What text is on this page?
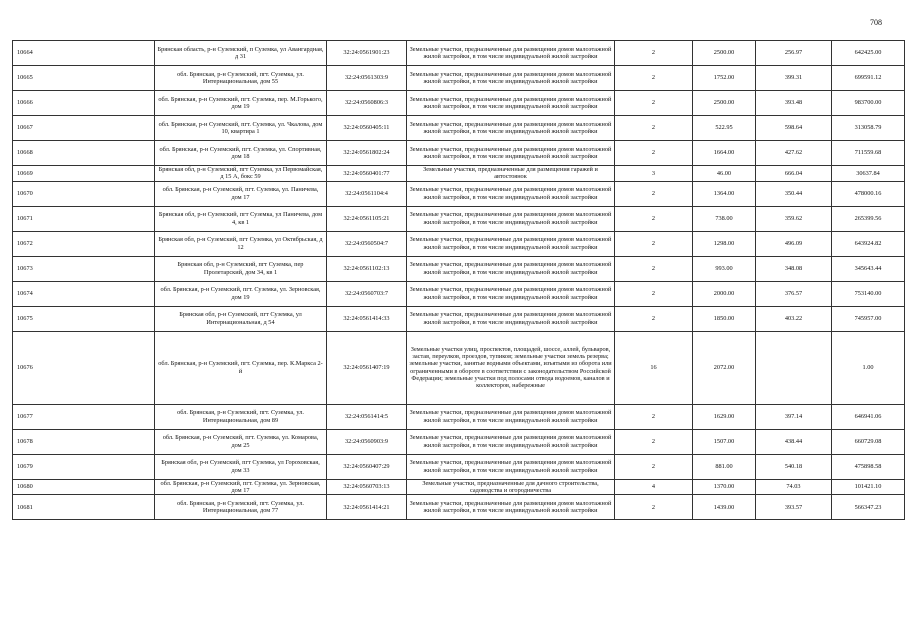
708
10664	Брянская область, р-н Суземский, п Суземка, ул Авангардная, д 31	32:24:0561901:23	Земельные участки, предназначенные для размещения домов малоэтажной жилой застройки, в том числе индивидуальной жилой застройки	2	2500.00	256.97	642425.00
10665	обл. Брянская, р-н Суземский, пгт. Суземка, ул. Интернациональная, дом 55	32:24:0561303:9	Земельные участки, предназначенные для размещения домов малоэтажной жилой застройки, в том числе индивидуальной жилой застройки	2	1752.00	399.31	699591.12
10666	обл. Брянская, р-н Суземский, пгт. Суземка, пер. М.Горького, дом 19	32:24:0560806:3	Земельные участки, предназначенные для размещения домов малоэтажной жилой застройки, в том числе индивидуальной жилой застройки	2	2500.00	393.48	983700.00
10667	обл. Брянская, р-н Суземский, пгт. Суземка, ул. Чкалова, дом 10, квартира 1	32:24:0560405:11	Земельные участки, предназначенные для размещения домов малоэтажной жилой застройки, в том числе индивидуальной жилой застройки	2	522.95	598.64	313058.79
10668	обл. Брянская, р-н Суземский, пгт. Суземка, ул. Спортивная, дом 18	32:24:0561802:24	Земельные участки, предназначенные для размещения домов малоэтажной жилой застройки, в том числе индивидуальной жилой застройки	2	1664.00	427.62	711559.68
10669	Брянская обл, р-н Суземский, пгт Суземка, ул Первомайская, д 15 А, бокс 59	32:24:0560401:77	Земельные участки, предназначенные для размещения гаражей и автостоянок	3	46.00	666.04	30637.84
10670	обл. Брянская, р-н Суземский, пгт. Суземка, ул. Паничева, дом 17	32:24:0561104:4	Земельные участки, предназначенные для размещения домов малоэтажной жилой застройки, в том числе индивидуальной жилой застройки	2	1364.00	350.44	478000.16
10671	Брянская обл, р-н Суземский, пгт Суземка, ул Паничева, дом 4, кв 1	32:24:0561105:21	Земельные участки, предназначенные для размещения домов малоэтажной жилой застройки, в том числе индивидуальной жилой застройки	2	738.00	359.62	265399.56
10672	Брянская обл, р-н Суземский, пгт Суземка, ул Октябрьская, д 12	32:24:0560504:7	Земельные участки, предназначенные для размещения домов малоэтажной жилой застройки, в том числе индивидуальной жилой застройки	2	1298.00	496.09	643924.82
10673	Брянская обл, р-н Суземский, пгт Суземка, пер Пролетарский, дом 34, кв 1	32:24:0561102:13	Земельные участки, предназначенные для размещения домов малоэтажной жилой застройки, в том числе индивидуальной жилой застройки	2	993.00	348.08	345643.44
10674	обл. Брянская, р-н Суземский, пгт. Суземка, ул. Зерновская, дом 19	32:24:0560703:7	Земельные участки, предназначенные для размещения домов малоэтажной жилой застройки, в том числе индивидуальной жилой застройки	2	2000.00	376.57	753140.00
10675	Брянская обл, р-н Суземский, пгт Суземка, ул Интернациональная, д 54	32:24:0561414:33	Земельные участки, предназначенные для размещения домов малоэтажной жилой застройки, в том числе индивидуальной жилой застройки	2	1850.00	403.22	745957.00
10676	обл. Брянская, р-н Суземский, пгт. Суземка, пер. К.Маркса 2-й	32:24:0561407:19	Земельные участки улиц, проспектов, площадей, шоссе, аллей, бульваров, застав, переулков, проездов, тупиков; земельные участки земель резерва; земельные участки, занятые водными объектами, изъятыми из оборота или ограниченными в обороте в соответствии с законодательством Российской Федерации; земельные участки под полосами отвода водоемов, каналов и коллекторов, набережные	16	2072.00		1.00
10677	обл. Брянская, р-н Суземский, пгт. Суземка, ул. Интернациональная, дом 89	32:24:0561414:5	Земельные участки, предназначенные для размещения домов малоэтажной жилой застройки, в том числе индивидуальной жилой застройки	2	1629.00	397.14	646941.06
10678	обл. Брянская, р-н Суземский, пгт. Суземка, ул. Комарова, дом 25	32:24:0560903:9	Земельные участки, предназначенные для размещения домов малоэтажной жилой застройки, в том числе индивидуальной жилой застройки	2	1507.00	438.44	660729.08
10679	Брянская обл, р-н Суземский, пгт Суземка, ул Гороховская, дом 33	32:24:0560407:29	Земельные участки, предназначенные для размещения домов малоэтажной жилой застройки, в том числе индивидуальной жилой застройки	2	881.00	540.18	475898.58
10680	обл. Брянская, р-н Суземский, пгт. Суземка, ул. Зерновская, дом 17	32:24:0560703:13	Земельные участки, предназначенные для дачного строительства, садоводства и огородничества	4	1370.00	74.03	101421.10
10681	обл. Брянская, р-н Суземский, пгт. Суземка, ул. Интернациональная, дом 77	32:24:0561414:21	Земельные участки, предназначенные для размещения домов малоэтажной жилой застройки, в том числе индивидуальной жилой застройки	2	1439.00	393.57	566347.23
